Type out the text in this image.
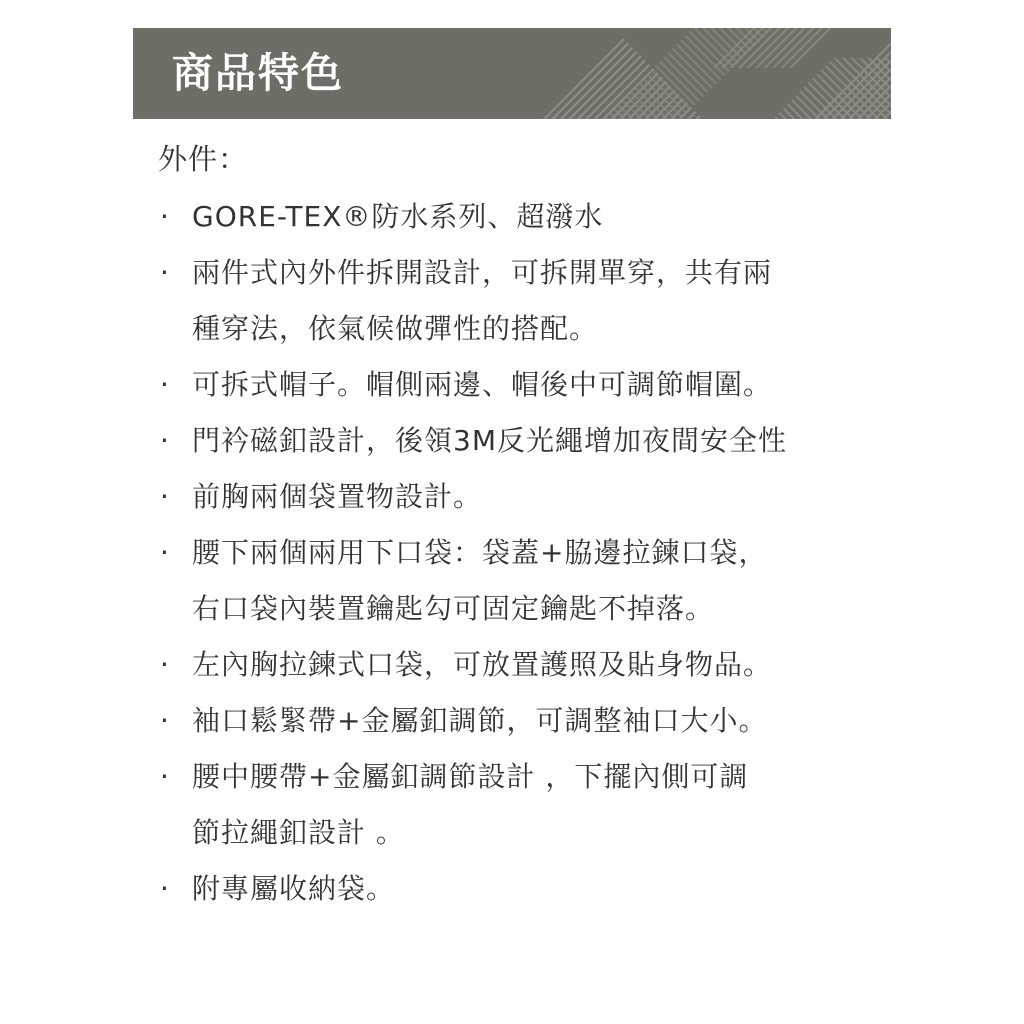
商品特色
外件：
· GORE-TEX®防水系列、超潑水
· 兩件式內外件拆開設計，可拆開單穿，共有兩
種穿法，依氣候做彈性的搭配。
· 可拆式帽子。帽側兩邊、帽後中可調節帽圍。
· 門衿磁釦設計，後領3M反光繩增加夜間安全性
· 前胸兩個袋置物設計。
· 腰下兩個兩用下口袋：袋蓋+脇邊拉鍊口袋，
右口袋內裝置鑰匙勾可固定鑰匙不掉落。
· 左內胸拉鍊式口袋，可放置護照及貼身物品。
· 袖口鬆緊帶+金屬釦調節，可調整袖口大小。
· 腰中腰帶+金屬釦調節設計 ，下擺內側可調
節拉繩釦設計 。
· 附專屬收納袋。
